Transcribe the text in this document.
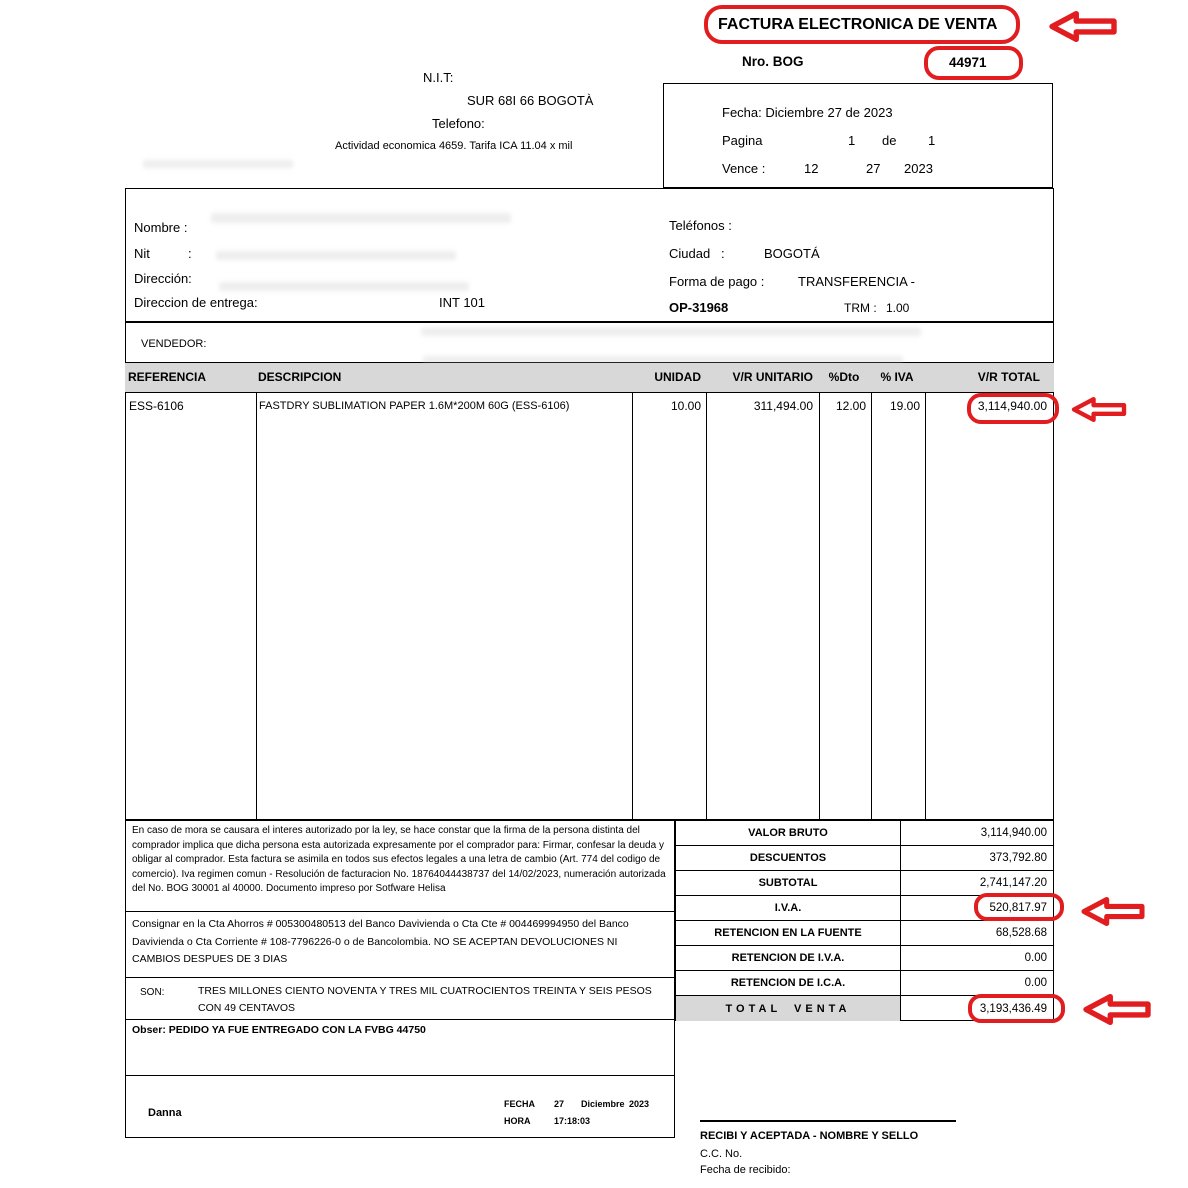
FACTURA ELECTRONICA DE VENTA
Nro. BOG	44971
N.I.T:
SUR 68I 66 BOGOTÀ
Telefono:
Actividad economica 4659. Tarifa ICA 11.04 x mil
Fecha: Diciembre 27 de 2023
Pagina	1 de 1
Vence :	12	27 2023
Nombre :
Nit	:
Dirección:
Direccion de entrega:	INT 101
Teléfonos :
Ciudad   :	BOGOTÁ
Forma de pago :	TRANSFERENCIA -
OP-31968	TRM : 1.00
VENDEDOR:
REFERENCIA	DESCRIPCION	UNIDAD	V/R UNITARIO	%Dto	% IVA	V/R TOTAL
ESS-6106	FASTDRY SUBLIMATION PAPER 1.6M*200M 60G (ESS-6106)	10.00	311,494.00	12.00	19.00	3,114,940.00
En caso de mora se causara el interes autorizado por la ley, se hace constar que la firma de la persona distinta del comprador implica que dicha persona esta autorizada expresamente por el comprador para: Firmar, confesar la deuda y obligar al comprador. Esta factura se asimila en todos sus efectos legales a una letra de cambio (Art. 774 del codigo de comercio). Iva regimen comun - Resolución de facturacion No. 18764044438737 del 14/02/2023, numeración autorizada del No. BOG 30001 al 40000. Documento impreso por Sotfware Helisa
Consignar en la Cta Ahorros # 005300480513 del Banco Davivienda o Cta Cte # 004469994950 del Banco Davivienda o Cta Corriente # 108-7796226-0 o de Bancolombia. NO SE ACEPTAN DEVOLUCIONES NI CAMBIOS DESPUES DE 3 DIAS
SON:	TRES MILLONES CIENTO NOVENTA Y TRES MIL CUATROCIENTOS TREINTA Y SEIS PESOS CON 49 CENTAVOS
Obser: PEDIDO YA FUE ENTREGADO CON LA FVBG 44750
Danna
FECHA 27 Diciembre 2023
HORA	17:18:03
VALOR BRUTO	3,114,940.00
DESCUENTOS	373,792.80
SUBTOTAL	2,741,147.20
I.V.A.	520,817.97
RETENCION EN LA FUENTE	68,528.68
RETENCION DE I.V.A.	0.00
RETENCION DE I.C.A.	0.00
TOTAL VENTA	3,193,436.49
RECIBI Y ACEPTADA - NOMBRE Y SELLO
C.C. No.
Fecha de recibido:
